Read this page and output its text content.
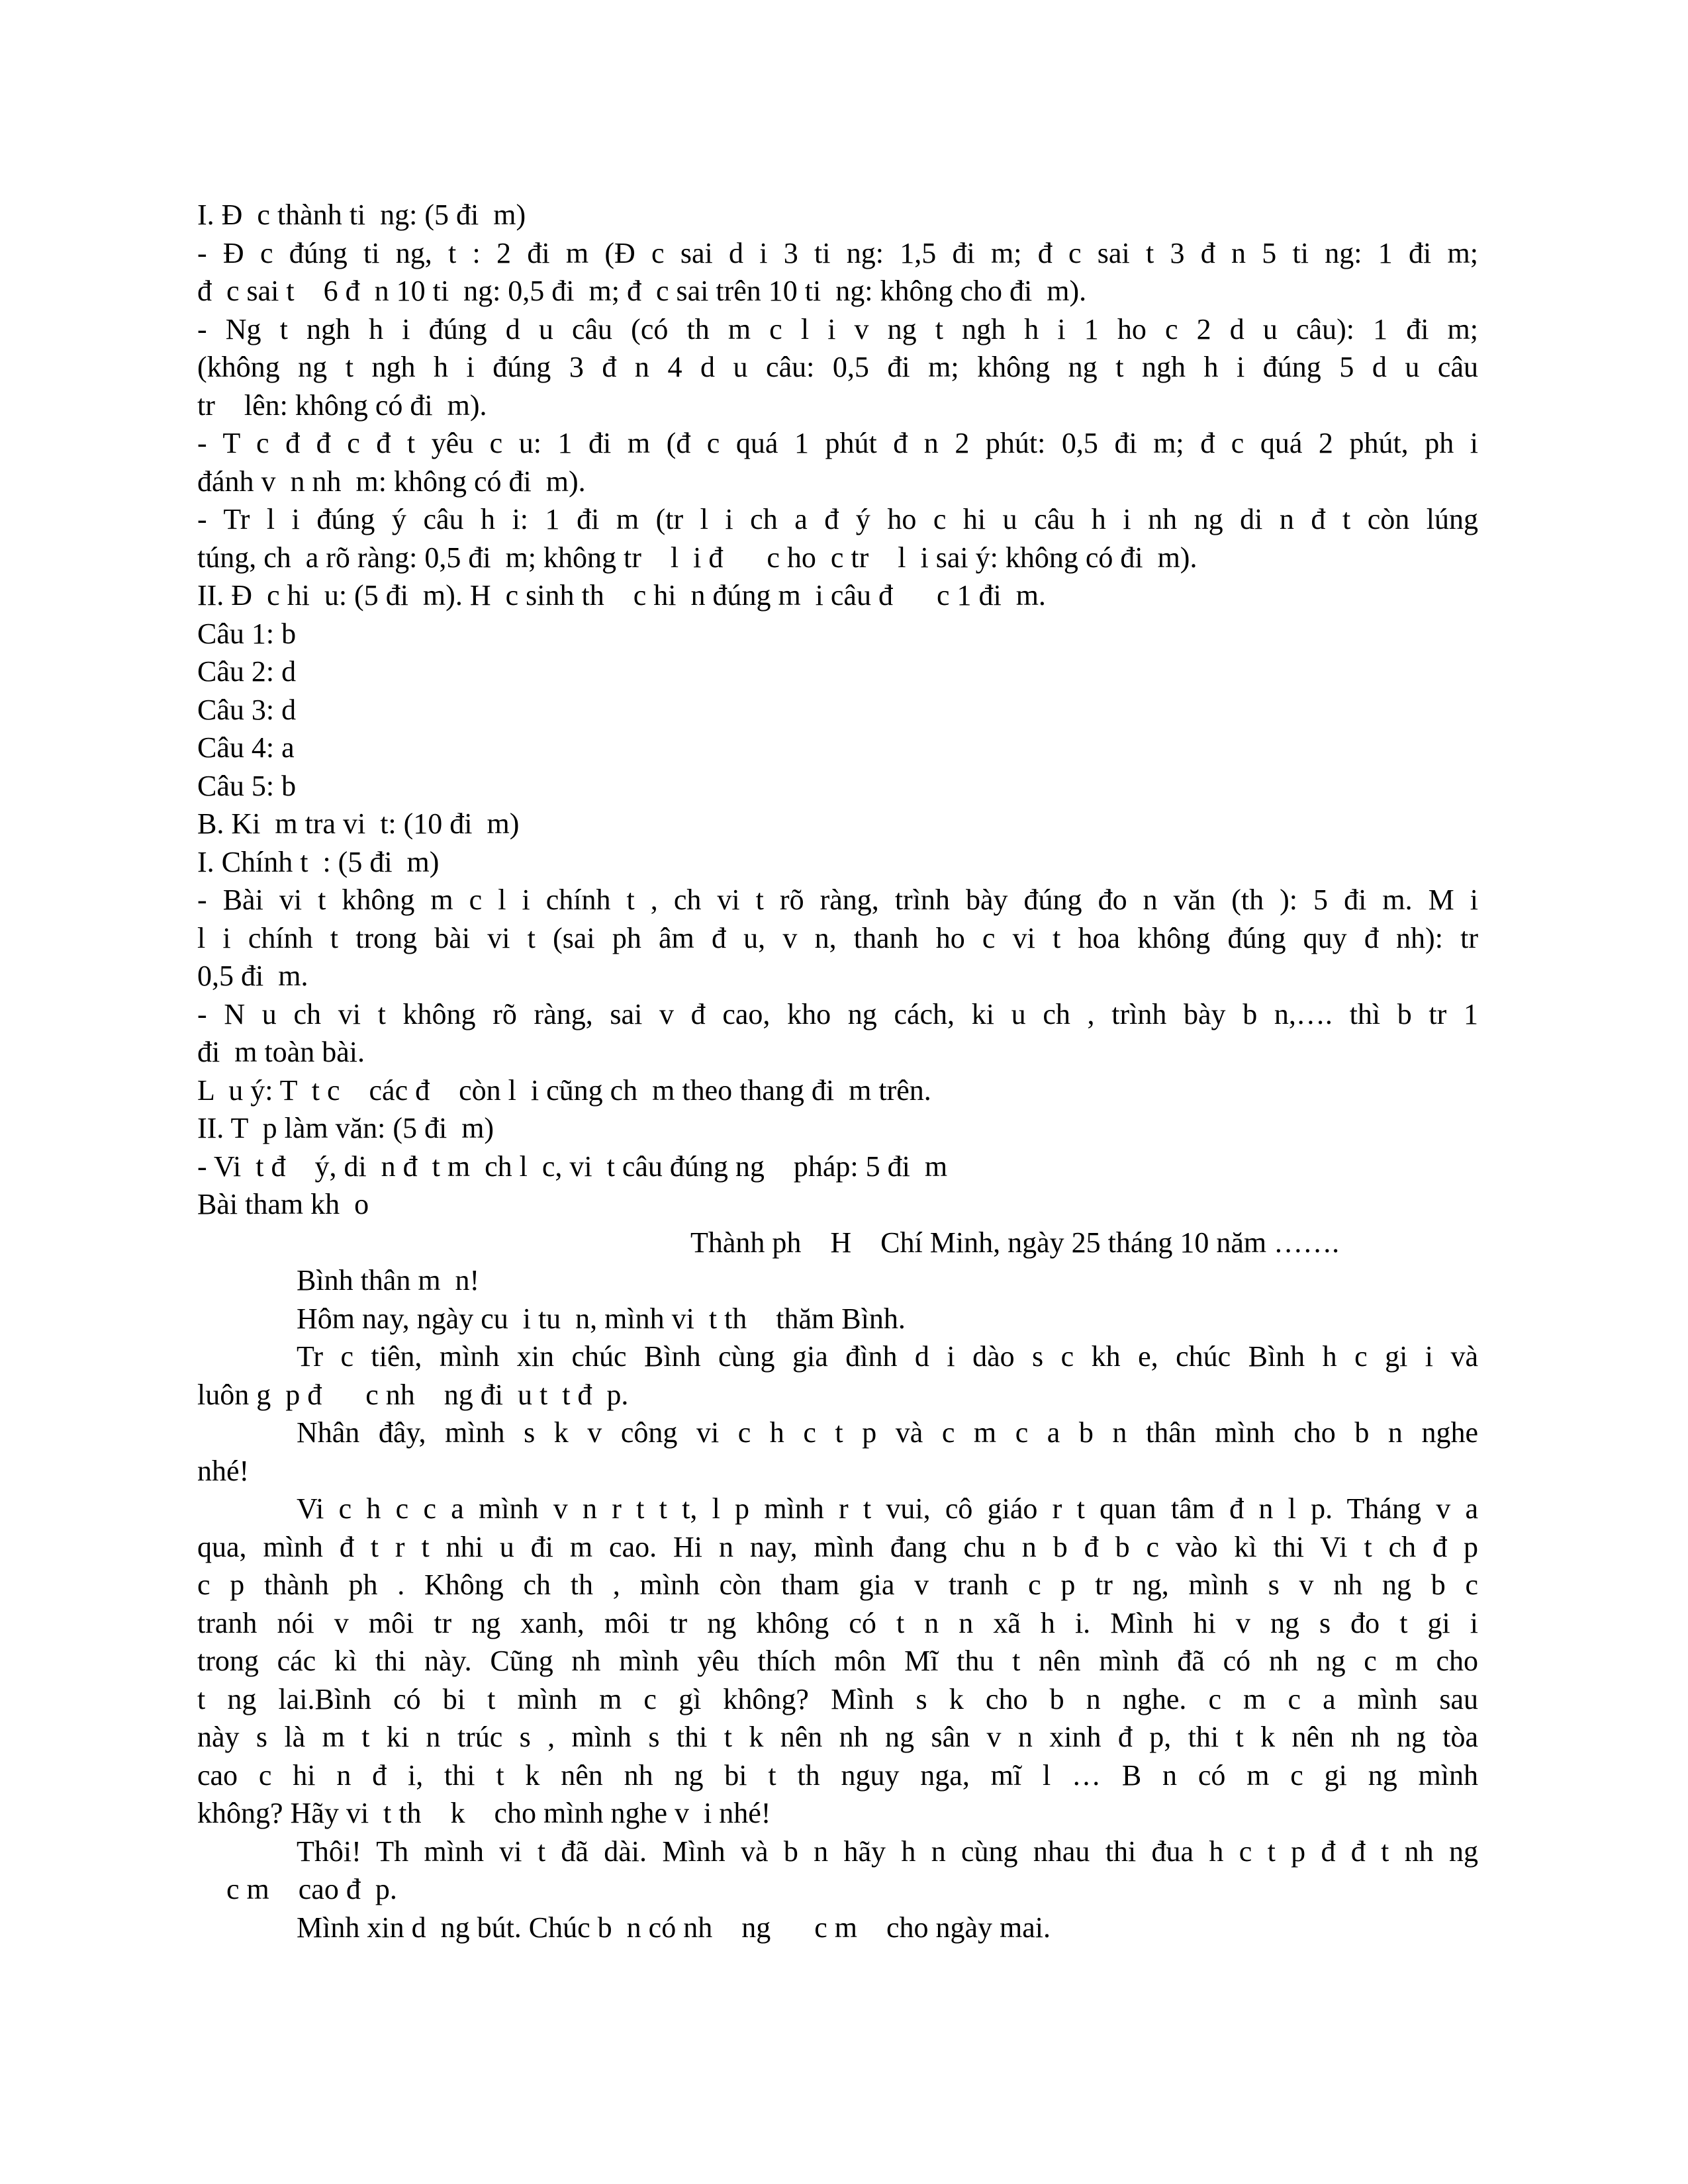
I. Đ  c thành ti  ng: (5 đi  m)
- Đ c đúng ti ng, t : 2 đi m (Đ c sai d i 3 ti ng: 1,5 đi m; đ c sai t 3 đ n 5 ti ng: 1 đi m;
đ  c sai t    6 đ  n 10 ti  ng: 0,5 đi  m; đ  c sai trên 10 ti  ng: không cho đi  m).
- Ng t ngh h i đúng d u câu (có th m c l i v ng t ngh h i 1 ho c 2 d u câu): 1 đi m;
(không ng t ngh h i đúng 3 đ n 4 d u câu: 0,5 đi m; không ng t ngh h i đúng 5 d u câu
tr    lên: không có đi  m).
- T c đ đ c đ t yêu c u: 1 đi m (đ c quá 1 phút đ n 2 phút: 0,5 đi m; đ c quá 2 phút, ph i
đánh v  n nh  m: không có đi  m).
- Tr l i đúng ý câu h i: 1 đi m (tr l i ch a đ ý ho c hi u câu h i nh ng di n đ t còn lúng
túng, ch  a rõ ràng: 0,5 đi  m; không tr    l  i đ      c ho  c tr    l  i sai ý: không có đi  m).
II. Đ  c hi  u: (5 đi  m). H  c sinh th    c hi  n đúng m  i câu đ      c 1 đi  m.
Câu 1: b
Câu 2: d
Câu 3: d
Câu 4: a
Câu 5: b
B. Ki  m tra vi  t: (10 đi  m)
I. Chính t  : (5 đi  m)
- Bài vi t không m c l i chính t , ch vi t rõ ràng, trình bày đúng đo n văn (th ): 5 đi m. M i
l i chính t trong bài vi t (sai ph âm đ u, v n, thanh ho c vi t hoa không đúng quy đ nh): tr
0,5 đi  m.
- N u ch vi t không rõ ràng, sai v đ cao, kho ng cách, ki u ch , trình bày b n,…. thì b tr 1
đi  m toàn bài.
L  u ý: T  t c    các đ    còn l  i cũng ch  m theo thang đi  m trên.
II. T  p làm văn: (5 đi  m)
- Vi  t đ    ý, di  n đ  t m  ch l  c, vi  t câu đúng ng    pháp: 5 đi  m
Bài tham kh  o
Thành ph    H    Chí Minh, ngày 25 tháng 10 năm …….
Bình thân m  n!
Hôm nay, ngày cu  i tu  n, mình vi  t th    thăm Bình.
Tr c tiên, mình xin chúc Bình cùng gia đình d i dào s c kh e, chúc Bình h c gi i và
luôn g  p đ      c nh    ng đi  u t  t đ  p.
Nhân đây, mình s k v công vi c h c t p và c m c a b n thân mình cho b n nghe
nhé!
Vi c h c c a mình v n r t t t, l p mình r t vui, cô giáo r t quan tâm đ n l p. Tháng v a
qua, mình đ t r t nhi u đi m cao. Hi n nay, mình đang chu n b đ b c vào kì thi Vi t ch đ p
c p thành ph . Không ch th , mình còn tham gia v tranh c p tr ng, mình s v nh ng b c
tranh nói v môi tr ng xanh, môi tr ng không có t n n xã h i. Mình hi v ng s đo t gi i
trong các kì thi này. Cũng nh mình yêu thích môn Mĩ thu t nên mình đã có nh ng c m cho
t ng lai.Bình có bi t mình m c gì không? Mình s k cho b n nghe. c m c a mình sau
này s là m t ki n trúc s , mình s thi t k nên nh ng sân v n xinh đ p, thi t k nên nh ng tòa
cao c hi n đ i, thi t k nên nh ng bi t th nguy nga, mĩ l … B n có m c gi ng mình
không? Hãy vi  t th    k    cho mình nghe v  i nhé!
Thôi! Th mình vi t đã dài. Mình và b n hãy h n cùng nhau thi đua h c t p đ đ t nh ng
c m    cao đ  p.
Mình xin d  ng bút. Chúc b  n có nh    ng      c m    cho ngày mai.
